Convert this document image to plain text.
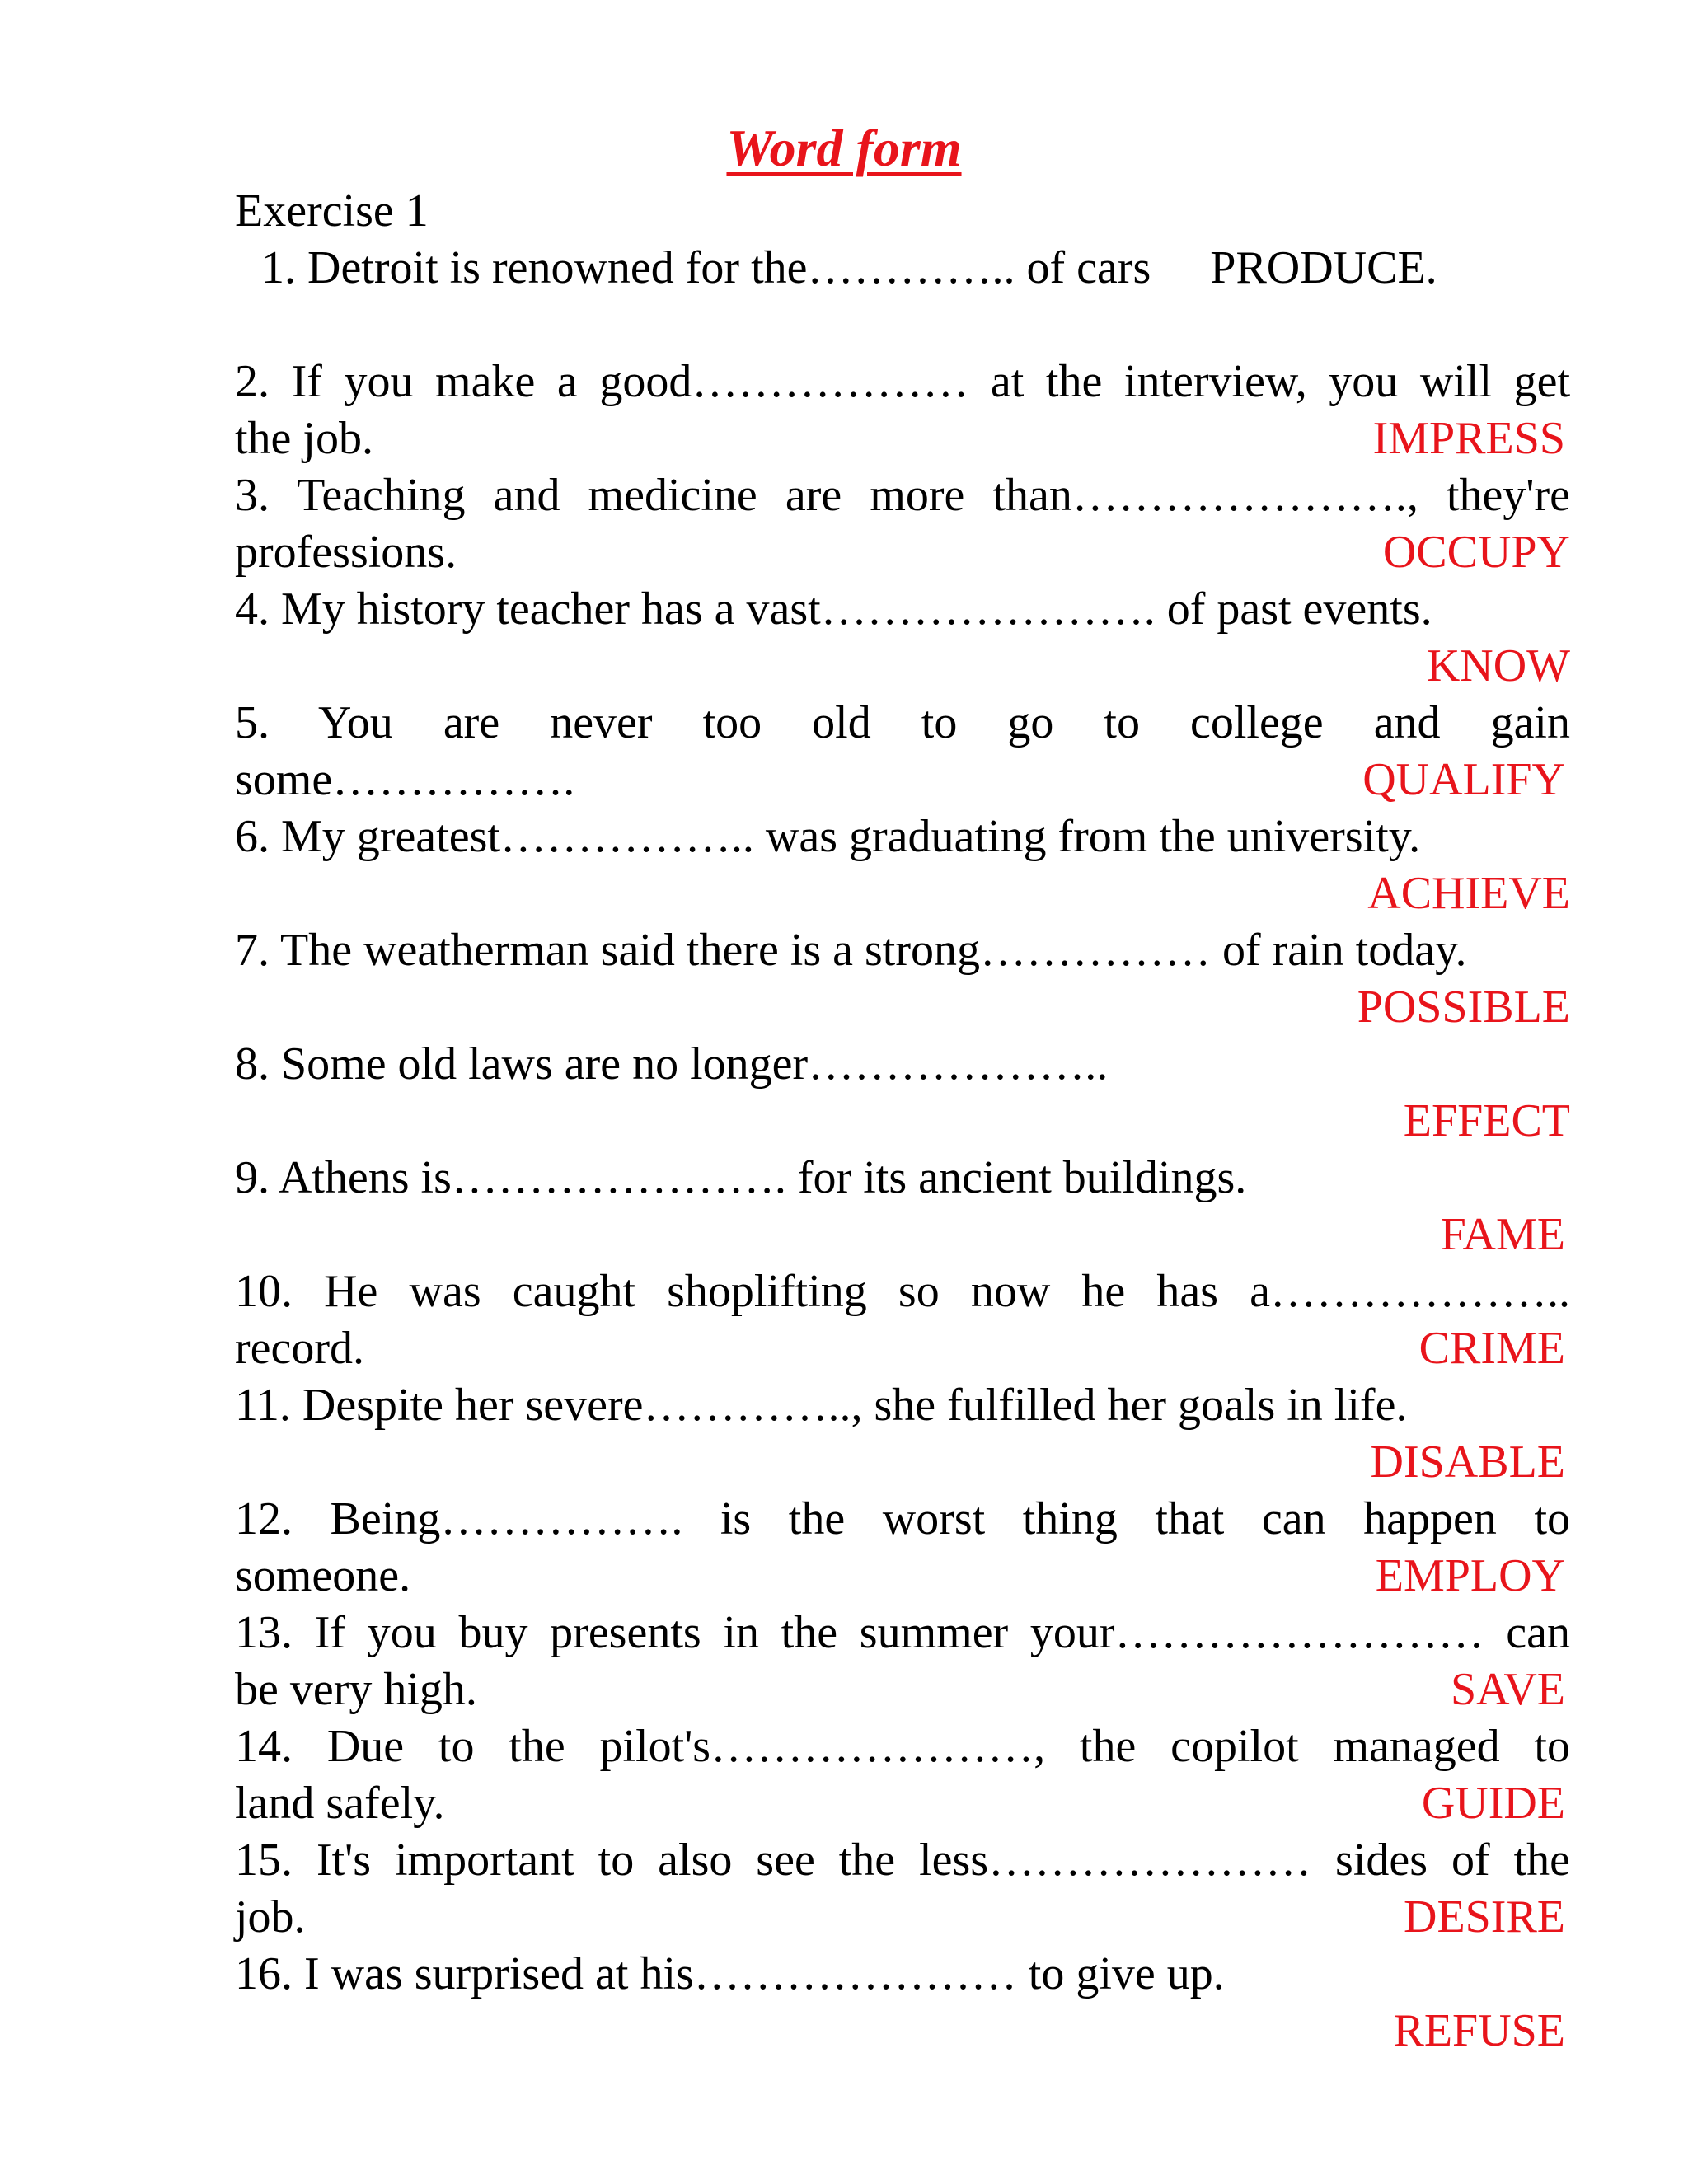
Word form
Exercise 1
1. Detroit is renowned for the………….. of cars PRODUCE.
2. If you make a good……………… at the interview, you will get
the job.	IMPRESS
3. Teaching and medicine are more than…………………., they're
professions.	OCCUPY
4. My history teacher has a vast…………………. of past events.
KNOW
5. You are never too old to go to college and gain
some…………….	QUALIFY
6. My greatest…………….. was graduating from the university.
ACHIEVE
7. The weatherman said there is a strong…………… of rain today.
POSSIBLE
8. Some old laws are no longer………………..
EFFECT
9. Athens is…………………. for its ancient buildings.
FAME
10. He was caught shoplifting so now he has a………………..
record.	CRIME
11. Despite her severe………….., she fulfilled her goals in life.
DISABLE
12. Being……………. is the worst thing that can happen to
someone.	EMPLOY
13. If you buy presents in the summer your…………………… can
be very high.	SAVE
14. Due to the pilot's…………………, the copilot managed to
land safely.	GUIDE
15. It's important to also see the less………………… sides of the
job.	DESIRE
16. I was surprised at his………………… to give up.
REFUSE
